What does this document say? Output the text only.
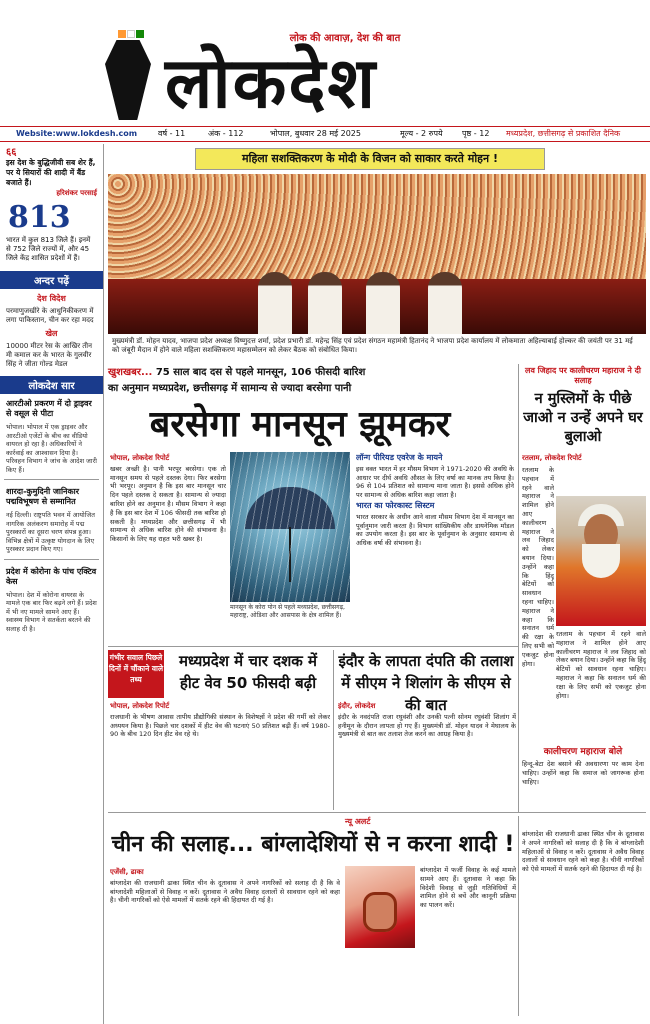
लोक की आवाज़, देश की बात
लोकदेश
Website:www.lokdesh.com	वर्ष - 11	अंक - 112	भोपाल, बुधवार 28 मई 2025	मूल्य - 2 रुपये पृष्ठ - 12 मध्यप्रदेश, छत्तीसगढ़ से प्रकाशित दैनिक
६६
इस देश के बुद्धिजीवी सब शेर हैं, पर ये सियारों की शादी में बैंड बजाते हैं।
हरिशंकर परसाई
813
भारत में कुल 813 जिले हैं। इनमें से 752 जिले राज्यों में, और 45 जिले केंद्र शासित प्रदेशों में हैं।
अन्दर पढ़ें
देश विदेश
परमाणुजखीरे के आधुनिकीकरण में लगा पाकिस्तान, चीन कर रहा मदद
खेल
10000 मीटर रेस के आखिर तीन मी कमाल कर के भारत के गुलवीर सिंह ने जीता गोल्ड मेडल
लोकदेश सार
आरटीओ प्रकरण में दो ड्राइवर से वसूल से पीटा
भोपाल। भोपाल में एक ड्राइवर और आरटीओ एजेंटों के बीच का वीडियो वायरल हो रहा है। अधिकारियों ने कार्रवाई का आश्वासन दिया है। परिवहन विभाग ने जांच के आदेश जारी किए हैं।
शारदा-कुमुदिनी जानिकार पद्मविभूषण से सम्मानित
नई दिल्ली। राष्ट्रपति भवन में आयोजित नागरिक अलंकरण समारोह में पद्म पुरस्कारों का दूसरा चरण संपन्न हुआ। विभिन्न क्षेत्रों में उत्कृष्ट योगदान के लिए पुरस्कार प्रदान किए गए।
प्रदेश में कोरोना के पांच एक्टिव केस
भोपाल। देश में कोरोना वायरस के मामले एक बार फिर बढ़ने लगे हैं। प्रदेश में भी नए मामले सामने आए हैं। स्वास्थ्य विभाग ने सतर्कता बरतने की सलाह दी है।
महिला सशक्तिकरण के मोदी के विजन को साकार करते मोहन !
मुख्यमंत्री डॉ. मोहन यादव, भाजपा प्रदेश अध्यक्ष विष्णुदत्त शर्मा, प्रदेश प्रभारी डॉ. महेन्द्र सिंह एवं प्रदेश संगठन महामंत्री हितानंद ने भाजपा प्रदेश कार्यालय में लोकमाता अहिल्याबाई होल्कर की जयंती पर 31 मई को जंबूरी मैदान में होने वाले महिला सशक्तिकरण महासम्मेलन को लेकर बैठक को संबोधित किया।
खुशखबर... 75 साल बाद दस से पहले मानसून, 106 फीसदी बारिश
का अनुमान मध्यप्रदेश, छत्तीसगढ़ में सामान्य से ज्यादा बरसेगा पानी
बरसेगा मानसून झूमकर
भोपाल, लोकदेश रिपोर्ट
खबर अच्छी है। पानी भरपूर बरसेगा। एक तो मानसून समय से पहले दस्तक देगा। फिर बरसेगा भी भरपूर। अनुमान है कि इस बार मानसून चार दिन पहले दस्तक दे सकता है। सामान्य से ज्यादा बारिश होने का अनुमान है। मौसम विभाग ने कहा है कि इस बार देश में 106 फीसदी तक बारिश हो सकती है। मध्यप्रदेश और छत्तीसगढ़ में भी सामान्य से अधिक बारिश होने की संभावना है। किसानों के लिए यह राहत भरी खबर है।
मानसून के कोरा पोन से पहले मध्यप्रदेश, छत्तीसगढ़, महाराष्ट्र, ओडिशा और आसपास के क्षेत्र शामिल हैं।
लॉन्ग पीरियड एवरेज के मायने
इस वक्त भारत में हर मौसम विभाग ने 1971-2020 की अवधि के आधार पर दीर्घ अवधि औसत के लिए वर्षा का मानक तय किया है। 96 से 104 प्रतिशत को सामान्य माना जाता है। इससे अधिक होने पर सामान्य से अधिक बारिश कहा जाता है।
भारत का फोरकास्ट सिस्टम
भारत सरकार के अधीन आने वाला मौसम विभाग देश में मानसून का पूर्वानुमान जारी करता है। विभाग सांख्यिकीय और डायनेमिक मॉडल का उपयोग करता है। इस बार के पूर्वानुमान के अनुसार सामान्य से अधिक वर्षा की संभावना है।
लव जिहाद पर कालीचरण महाराज ने दी सलाह
न मुस्लिमों के पीछे जाओ न उन्हें अपने घर बुलाओ
रतलाम, लोकदेश रिपोर्ट
रतलाम के पहचान में रहने वाले महाराज ने शामिल होने आए कालीचरण महाराज ने लव जिहाद को लेकर बयान दिया। उन्होंने कहा कि हिंदू बेटियों को सावधान रहना चाहिए। महाराज ने कहा कि सनातन धर्म की रक्षा के लिए सभी को एकजुट होना होगा।
रतलाम के पहचान में रहने वाले महाराज ने शामिल होने आए कालीचरण महाराज ने लव जिहाद को लेकर बयान दिया। उन्होंने कहा कि हिंदू बेटियों को सावधान रहना चाहिए। महाराज ने कहा कि सनातन धर्म की रक्षा के लिए सभी को एकजुट होना होगा।
कालीचरण महाराज बोले
हिन्दू-बेटा देश बसाने की अवधारणा पर काम देना चाहिए। उन्होंने कहा कि समाज को जागरूक होना चाहिए।
गंभीर सवाल पिछले दिनों में चौंकाने वाले तथ्य
मध्यप्रदेश में चार दशक में हीट वेव 50 फीसदी बढ़ी
भोपाल, लोकदेश रिपोर्ट
राजधानी के भीषण आवास तापीय प्रौद्योगिकी संस्थान के विशेषज्ञों ने प्रदेश की गर्मी को लेकर अध्ययन किया है। पिछले चार दशकों में हीट वेव की घटनाएं 50 प्रतिशत बढ़ी हैं। वर्ष 1980-90 के बीच 120 दिन हीट वेव रहे थे।
इंदौर के लापता दंपति की तलाश में सीएम ने शिलांग के सीएम से की बात
इंदौर, लोकदेश
इंदौर के नवदंपति राजा रघुवंशी और उनकी पत्नी सोनम रघुवंशी शिलांग में हनीमून के दौरान लापता हो गए हैं। मुख्यमंत्री डॉ. मोहन यादव ने मेघालय के मुख्यमंत्री से बात कर तलाश तेज करने का आग्रह किया है।
न्यू अलर्ट
चीन की सलाह... बांग्लादेशियों से न करना शादी !
एजेंसी, ढाका
बांग्लादेश की राजधानी ढाका स्थित चीन के दूतावास ने अपने नागरिकों को सलाह दी है कि वे बांग्लादेशी महिलाओं से विवाह न करें। दूतावास ने अवैध विवाह दलालों से सावधान रहने को कहा है। चीनी नागरिकों को ऐसे मामलों में सतर्क रहने की हिदायत दी गई है।
बांग्लादेश में फर्जी विवाह के कई मामले सामने आए हैं। दूतावास ने कहा कि विदेशी विवाह से जुड़ी गतिविधियों में शामिल होने से बचें और कानूनी प्रक्रिया का पालन करें।
बांग्लादेश की राजधानी ढाका स्थित चीन के दूतावास ने अपने नागरिकों को सलाह दी है कि वे बांग्लादेशी महिलाओं से विवाह न करें। दूतावास ने अवैध विवाह दलालों से सावधान रहने को कहा है। चीनी नागरिकों को ऐसे मामलों में सतर्क रहने की हिदायत दी गई है।
